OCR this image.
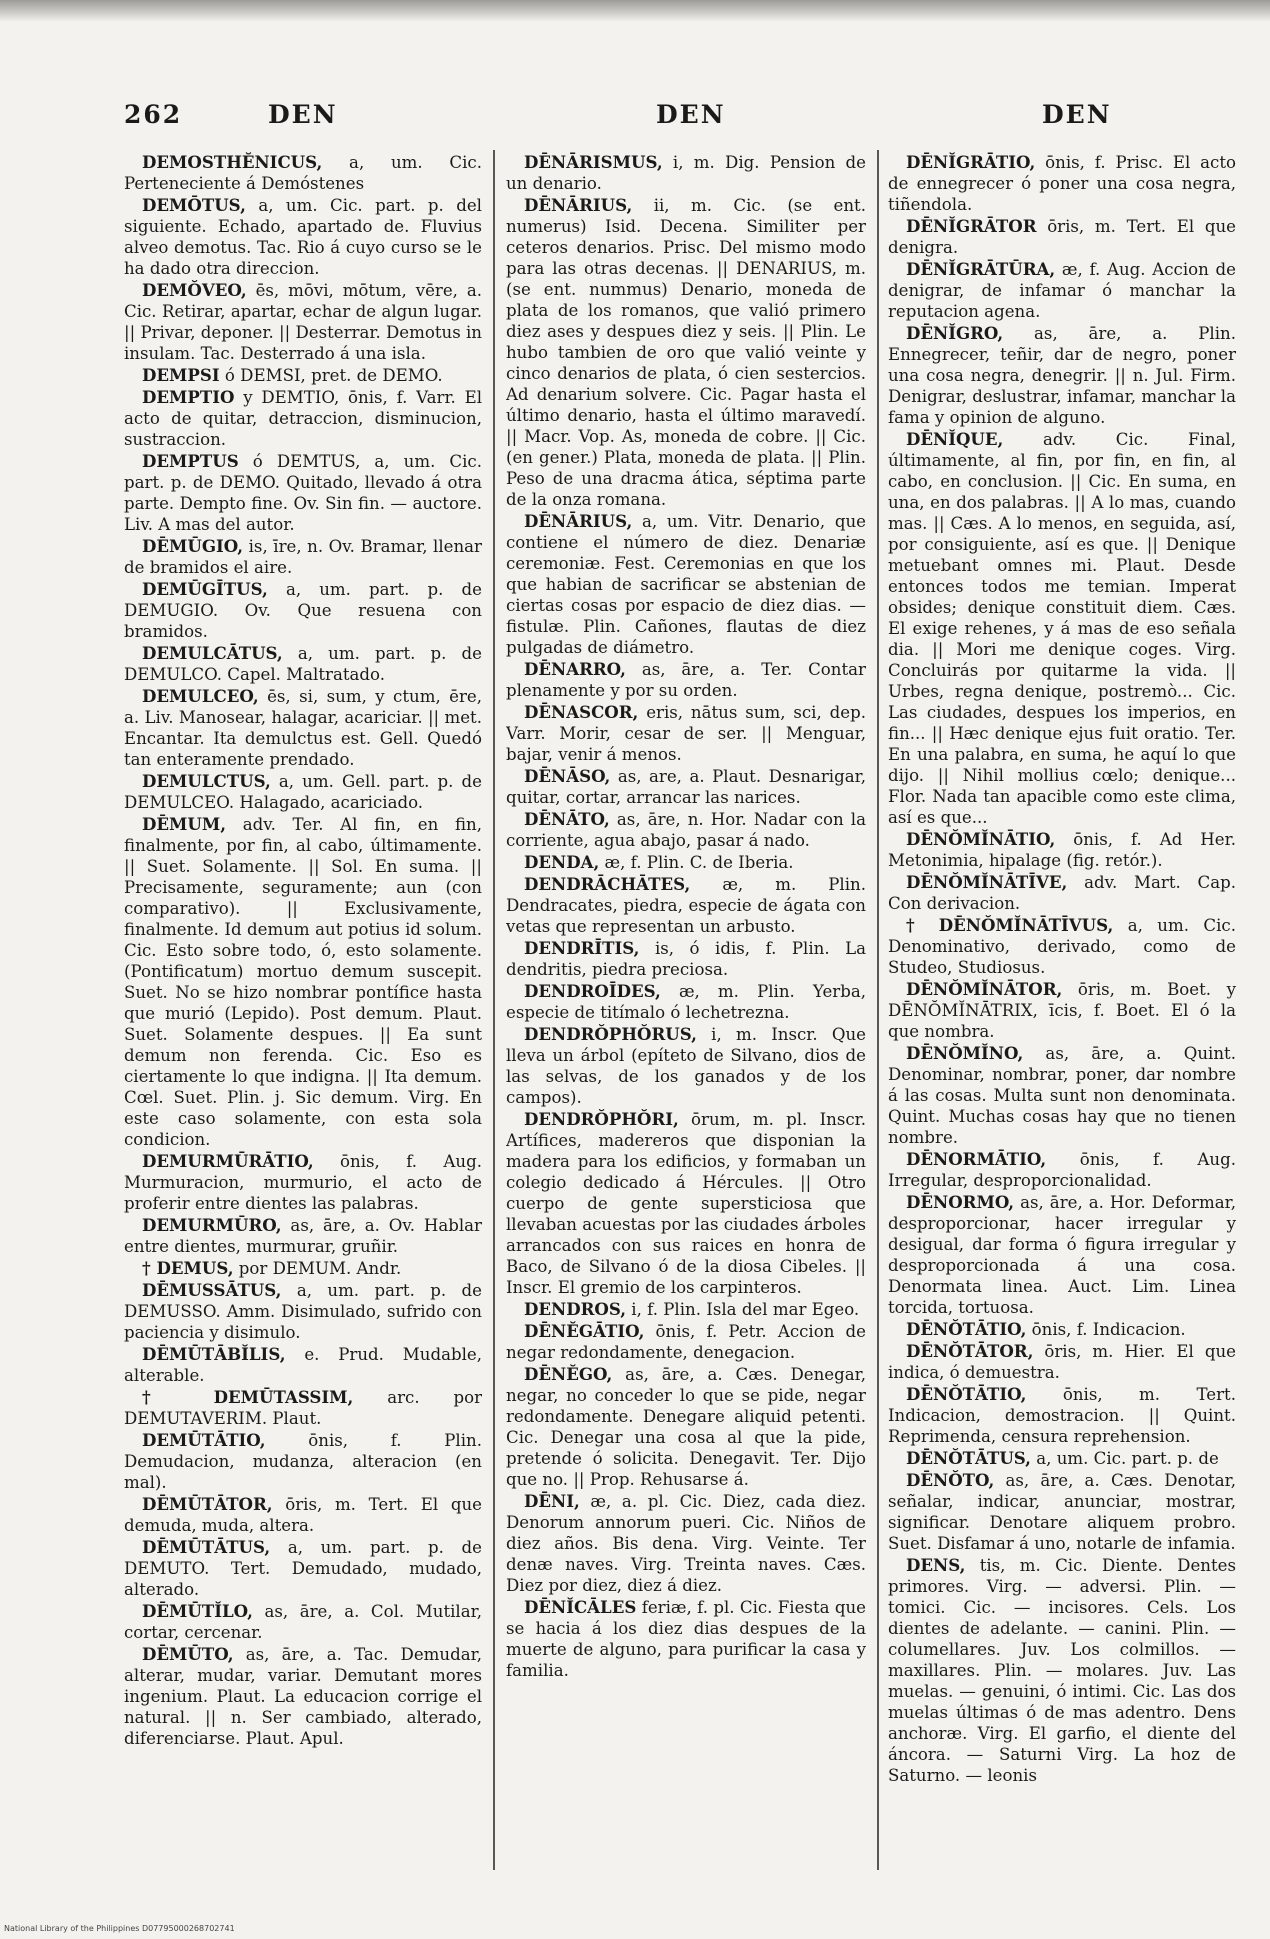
262	DEN	DEN	DEN

DEMOSTHĔNICUS, a, um. Cic. Perteneciente á Demóstenes

DEMŌTUS, a, um. Cic. part. p. del siguiente. Echado, apartado de. Fluvius alveo demotus. Tac. Rio á cuyo curso se le ha dado otra direccion.

DEMŎVEO, ēs, mōvi, mōtum, vēre, a. Cic. Retirar, apartar, echar de algun lugar. || Privar, deponer. || Desterrar. Demotus in insulam. Tac. Desterrado á una isla.

DEMPSI ó DEMSI, pret. de DEMO.

DEMPTIO y DEMTIO, ōnis, f. Varr. El acto de quitar, detraccion, disminucion, sustraccion.

DEMPTUS ó DEMTUS, a, um. Cic. part. p. de DEMO. Quitado, llevado á otra parte. Dempto fine. Ov. Sin fin. — auctore. Liv. A mas del autor.

DĒMŪGIO, is, īre, n. Ov. Bramar, llenar de bramidos el aire.

DEMŪGĪTUS, a, um. part. p. de DEMUGIO. Ov. Que resuena con bramidos.

DEMULCĀTUS, a, um. part. p. de DEMULCO. Capel. Maltratado.

DEMULCEO, ēs, si, sum, y ctum, ēre, a. Liv. Manosear, halagar, acariciar. || met. Encantar. Ita demulctus est. Gell. Quedó tan enteramente prendado.

DEMULCTUS, a, um. Gell. part. p. de DEMULCEO. Halagado, acariciado.

DĒMUM, adv. Ter. Al fin, en fin, finalmente, por fin, al cabo, últimamente. || Suet. Solamente. || Sol. En suma. || Precisamente, seguramente; aun (con comparativo). || Exclusivamente, finalmente. Id demum aut potius id solum. Cic. Esto sobre todo, ó, esto solamente. (Pontificatum) mortuo demum suscepit. Suet. No se hizo nombrar pontífice hasta que murió (Lepido). Post demum. Plaut. Suet. Solamente despues. || Ea sunt demum non ferenda. Cic. Eso es ciertamente lo que indigna. || Ita demum. Cœl. Suet. Plin. j. Sic demum. Virg. En este caso solamente, con esta sola condicion.

DEMURMŪRĀTIO, ōnis, f. Aug. Murmuracion, murmurio, el acto de proferir entre dientes las palabras.

DEMURMŪRO, as, āre, a. Ov. Hablar entre dientes, murmurar, gruñir.

† DEMUS, por DEMUM. Andr.

DĒMUSSĀTUS, a, um. part. p. de DEMUSSO. Amm. Disimulado, sufrido con paciencia y disimulo.

DĒMŪTĀBĬLIS, e. Prud. Mudable, alterable.

† DEMŪTASSIM, arc. por DEMUTAVERIM. Plaut.

DEMŪTĀTIO,	ōnis, f. Plin. Demudacion, mudanza, alteracion (en mal).

DĒMŪTĀTOR, ōris, m. Tert. El que demuda, muda, altera.

DĒMŪTĀTUS, a, um. part. p. de DEMUTO. Tert. Demudado, mudado, alterado.

DĒMŪTĬLO, as, āre, a. Col. Mutilar, cortar, cercenar.

DĒMŪTO, as, āre, a. Tac. Demudar, alterar, mudar, variar. Demutant mores ingenium. Plaut. La educacion corrige el natural. || n. Ser cambiado, alterado, diferenciarse. Plaut. Apul.

DĒNĀRISMUS, i, m. Dig. Pension de un denario.

DĒNĀRIUS, ii, m. Cic. (se ent. numerus) Isid. Decena. Similiter per ceteros denarios. Prisc. Del mismo modo para las otras decenas. || DENARIUS, m. (se ent. nummus) Denario, moneda de plata de los romanos, que valió primero diez ases y despues diez y seis. || Plin. Le hubo tambien de oro que valió veinte y cinco denarios de plata, ó cien sestercios. Ad denarium solvere. Cic. Pagar hasta el último denario, hasta el último maravedí. || Macr. Vop. As, moneda de cobre. || Cic. (en gener.) Plata, moneda de plata. || Plin. Peso de una dracma ática, séptima parte de la onza romana.

DĒNĀRIUS, a, um. Vitr. Denario, que contiene el número de diez. Denariæ ceremoniæ. Fest. Ceremonias en que los que habian de sacrificar se abstenian de ciertas cosas por espacio de diez dias. — fistulæ. Plin. Cañones, flautas de diez pulgadas de diámetro.

DĒNARRO, as, āre, a. Ter. Contar plenamente y por su orden.

DĒNASCOR, eris, nātus sum, sci, dep. Varr. Morir, cesar de ser. || Menguar, bajar, venir á menos.

DĒNĀSO, as, are, a. Plaut. Desnarigar, quitar, cortar, arrancar las narices.

DĒNĀTO, as, āre, n. Hor. Nadar con la corriente, agua abajo, pasar á nado.

DENDA, æ, f. Plin. C. de Iberia.

DENDRĀCHĀTES, æ, m. Plin. Dendracates, piedra, especie de ágata con vetas que representan un arbusto.

DENDRĪTIS, is, ó idis, f. Plin. La dendritis, piedra preciosa.

DENDROĪDES, æ, m. Plin. Yerba, especie de titímalo ó lechetrezna.

DENDRŎPHŎRUS, i, m. Inscr. Que lleva un árbol (epíteto de Silvano, dios de las selvas, de los ganados y de los campos).

DENDRŎPHŎRI, ōrum, m. pl. Inscr. Artífices, madereros que disponian la madera para los edificios, y formaban un colegio dedicado á Hércules. || Otro cuerpo de gente supersticiosa que llevaban acuestas por las ciudades árboles arrancados con sus raices en honra de Baco, de Silvano ó de la diosa Cibeles. || Inscr. El gremio de los carpinteros.

DENDROS, i, f. Plin. Isla del mar Egeo.

DĒNĔGĀTIO, ōnis, f. Petr. Accion de negar redondamente, denegacion.

DĒNĔGO, as, āre, a. Cæs. Denegar, negar, no conceder lo que se pide, negar redondamente. Denegare aliquid petenti. Cic. Denegar una cosa al que la pide, pretende ó solicita. Denegavit. Ter. Dijo que no. || Prop. Rehusarse á.

DĒNI, æ, a. pl. Cic. Diez, cada diez. Denorum annorum pueri. Cic. Niños de diez años. Bis dena. Virg. Veinte. Ter denæ naves. Virg. Treinta naves. Cæs. Diez por diez, diez á diez.

DĒNĬCĀLES feriæ, f. pl. Cic. Fiesta que se hacia á los diez dias despues de la muerte de alguno, para purificar la casa y familia.

DĒNĬGRĀTIO, ōnis, f. Prisc. El acto de ennegrecer ó poner una cosa negra, tiñendola.

DĒNĬGRĀTOR ōris, m. Tert. El que denigra.

DĒNĬGRĀTŪRA, æ, f. Aug. Accion de denigrar, de infamar ó manchar la reputacion agena.

DĒNĬGRO, as, āre, a. Plin. Ennegrecer, teñir, dar de negro, poner una cosa negra, denegrir. || n. Jul. Firm. Denigrar, deslustrar, infamar, manchar la fama y opinion de alguno.

DĒNĬQUE, adv. Cic. Final, últimamente, al fin, por fin, en fin, al cabo, en conclusion. || Cic. En suma, en una, en dos palabras. || A lo mas, cuando mas. || Cæs. A lo menos, en seguida, así, por consiguiente, así es que. || Denique metuebant omnes mi. Plaut. Desde entonces todos me temian. Imperat obsides; denique constituit diem. Cæs. El exige rehenes, y á mas de eso señala dia. || Mori me denique coges. Virg. Concluirás por quitarme la vida. || Urbes, regna denique, postremò... Cic. Las ciudades, despues los imperios, en fin... || Hæc denique ejus fuit oratio. Ter. En una palabra, en suma, he aquí lo que dijo. || Nihil mollius cœlo; denique... Flor. Nada tan apacible como este clima, así es que...

DĒNŎMĬNĀTIO, ōnis, f. Ad Her. Metonimia, hipalage (fig. retór.).

DĒNŎMĬNĀTĪVE, adv. Mart. Cap. Con derivacion.

† DĒNŎMĬNĀTĪVUS, a, um. Cic. Denominativo, derivado, como de Studeo, Studiosus.

DĒNŎMĬNĀTOR, ōris, m. Boet. y DĒNŎMĬNĀTRIX, īcis, f. Boet. El ó la que nombra.

DĒNŎMĬNO, as, āre, a. Quint. Denominar, nombrar, poner, dar nombre á las cosas. Multa sunt non denominata. Quint. Muchas cosas hay que no tienen nombre.

DĒNORMĀTIO, ōnis, f. Aug. Irregular, desproporcionalidad.

DĒNORMO, as, āre, a. Hor. Deformar, desproporcionar, hacer irregular y desigual, dar forma ó figura irregular y desproporcionada á una cosa. Denormata linea. Auct. Lim. Linea torcida, tortuosa.

DĒNŎTĀTIO, ōnis, f. Indicacion.

DĒNŎTĀTOR, ōris, m. Hier. El que indica, ó demuestra.

DĒNŎTĀTIO, ōnis, m. Tert. Indicacion, demostracion. || Quint. Reprimenda, censura reprehension.

DĒNŎTĀTUS, a, um. Cic. part. p. de

DĒNŎTO, as, āre, a. Cæs. Denotar, señalar, indicar, anunciar, mostrar, significar. Denotare aliquem probro. Suet. Disfamar á uno, notarle de infamia.

DENS, tis, m. Cic. Diente. Dentes primores. Virg. — adversi. Plin. — tomici. Cic. — incisores. Cels. Los dientes de adelante. — canini. Plin. — columellares. Juv. Los colmillos. — maxillares. Plin. — molares. Juv. Las muelas. — genuini, ó intimi. Cic. Las dos muelas últimas ó de mas adentro. Dens anchoræ. Virg. El garfio, el diente del áncora. — Saturni Virg. La hoz de Saturno. — leonis

National Library of the Philippines D07795000268702741
